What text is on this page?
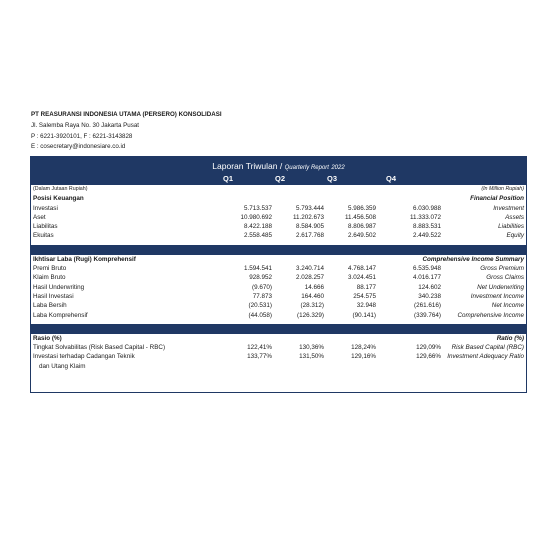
PT REASURANSI INDONESIA UTAMA (PERSERO) KONSOLIDASI
Jl. Salemba Raya No. 30 Jakarta Pusat
P : 6221-3920101, F : 6221-3143828
E : cosecretary@indonesiare.co.id
Laporan Triwulan / Quarterly Report 2022
Q1	Q2	Q3	Q4
(Dalam Jutaan Rupiah)	(In Million Rupiah)
Posisi Keuangan	Financial Position
Investasi	5.713.537	5.793.444	5.986.359	6.030.988	Investment
Aset	10.980.692	11.202.673	11.456.508	11.333.072	Assets
Liabilitas	8.422.188	8.584.905	8.806.987	8.883.531	Liabilities
Ekuitas	2.558.485	2.617.768	2.649.502	2.449.522	Equity
Ikhtisar Laba (Rugi) Komprehensif	Comprehensive Income Summary
Premi Bruto	1.594.541	3.240.714	4.768.147	6.535.948	Gross Premium
Klaim Bruto	928.952	2.028.257	3.024.451	4.016.177	Gross Claims
Hasil Underwriting	(9.670)	14.666	88.177	124.602	Net Underwriting
Hasil Investasi	77.873	164.460	254.575	340.238	Investment Income
Laba Bersih	(20.531)	(28.312)	32.948	(261.616)	Net Income
Laba Komprehensif	(44.058)	(126.329)	(90.141)	(339.764)	Comprehensive Income
Rasio (%)	Ratio (%)
Tingkat Solvabilitas (Risk Based Capital - RBC)	122,41%	130,36%	128,24%	129,09% Risk Based Capital (RBC)
Investasi terhadap Cadangan Teknik	133,77%	131,50%	129,16%	129,66% Investment Adequacy Ratio
dan Utang Klaim
